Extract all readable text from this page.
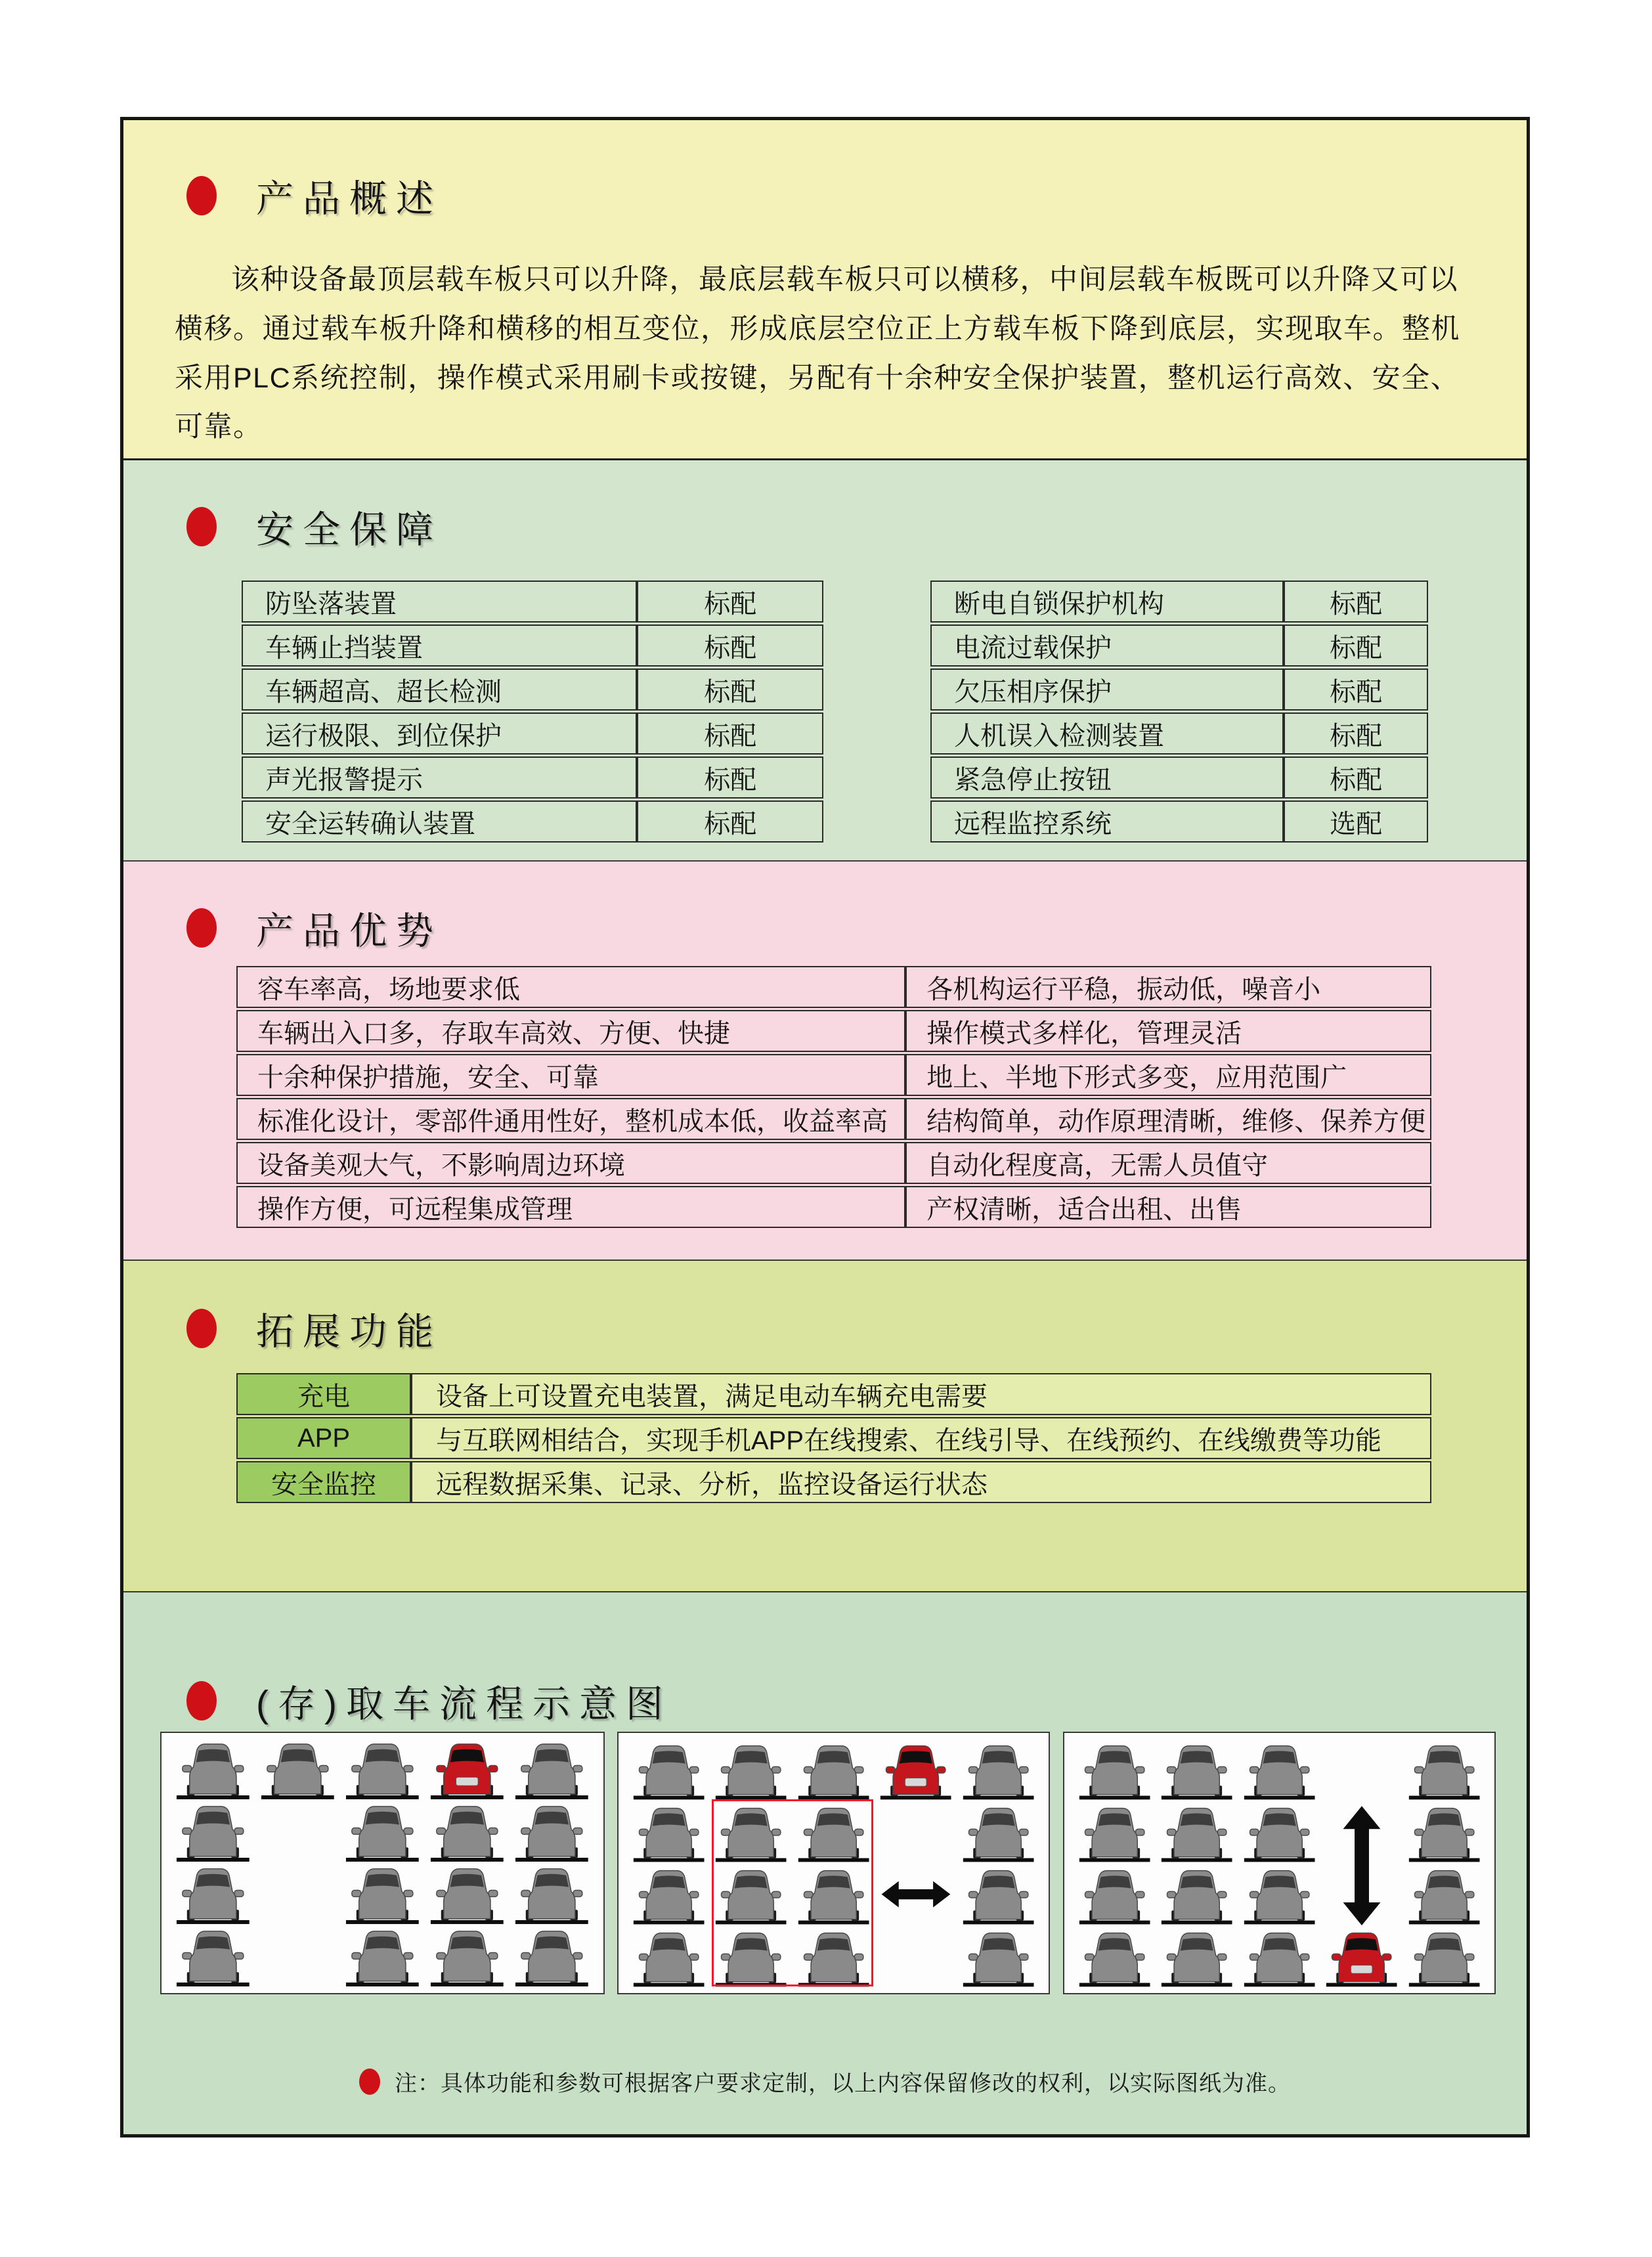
产品概述
该种设备最顶层载车板只可以升降，最底层载车板只可以横移，中间层载车板既可以升降又可以横移。通过载车板升降和横移的相互变位，形成底层空位正上方载车板下降到底层，实现取车。整机采用PLC系统控制，操作模式采用刷卡或按键，另配有十余种安全保护装置，整机运行高效、安全、可靠。
安全保障
防坠落装置	标配
车辆止挡装置	标配
车辆超高、超长检测	标配
运行极限、到位保护	标配
声光报警提示	标配
安全运转确认装置	标配
断电自锁保护机构	标配
电流过载保护	标配
欠压相序保护	标配
人机误入检测装置	标配
紧急停止按钮	标配
远程监控系统	选配
产品优势
容车率高，场地要求低	各机构运行平稳，振动低，噪音小
车辆出入口多，存取车高效、方便、快捷	操作模式多样化，管理灵活
十余种保护措施，安全、可靠	地上、半地下形式多变，应用范围广
标准化设计，零部件通用性好，整机成本低，收益率高	结构简单，动作原理清晰，维修、保养方便
设备美观大气，不影响周边环境	自动化程度高，无需人员值守
操作方便，可远程集成管理	产权清晰，适合出租、出售
拓展功能
充电	设备上可设置充电装置，满足电动车辆充电需要
APP	与互联网相结合，实现手机APP在线搜索、在线引导、在线预约、在线缴费等功能
安全监控	远程数据采集、记录、分析，监控设备运行状态
(存)取车流程示意图
注：具体功能和参数可根据客户要求定制，以上内容保留修改的权利，以实际图纸为准。
